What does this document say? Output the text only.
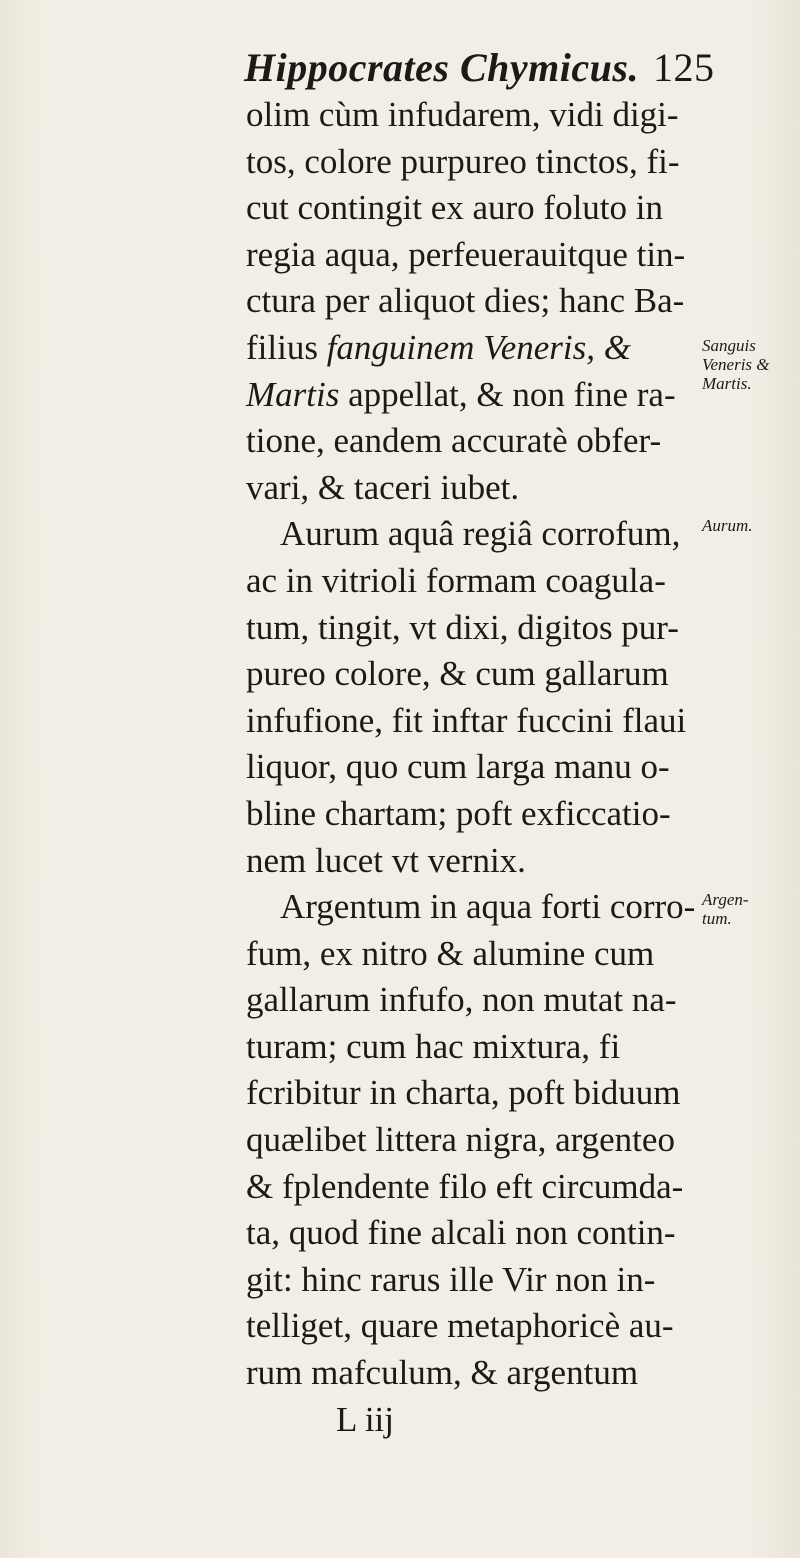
Hippocrates Chymicus. 125
olim cùm infudarem, vidi digi-
tos, colore purpureo tinctos, fi-
cut contingit ex auro foluto in
regia aqua, perfeuerauitque tin-
ctura per aliquot dies; hanc Ba-
filius fanguinem Veneris, &
Martis appellat, & non fine ra-
tione, eandem accuratè obfer-
vari, & taceri iubet.
Aurum aquâ regiâ corrofum,
ac in vitrioli formam coagula-
tum, tingit, vt dixi, digitos pur-
pureo colore, & cum gallarum
infufione, fit inftar fuccini flaui
liquor, quo cum larga manu o-
bline chartam; poft exficcatio-
nem lucet vt vernix.
Argentum in aqua forti corro-
fum, ex nitro & alumine cum
gallarum infufo, non mutat na-
turam; cum hac mixtura, fi
fcribitur in charta, poft biduum
quælibet littera nigra, argenteo
& fplendente filo eft circumda-
ta, quod fine alcali non contin-
git: hinc rarus ille Vir non in-
telliget, quare metaphoricè au-
rum mafculum, & argentum
L iij
Sanguis
Veneris &
Martis.
Aurum.
Argen-
tum.
